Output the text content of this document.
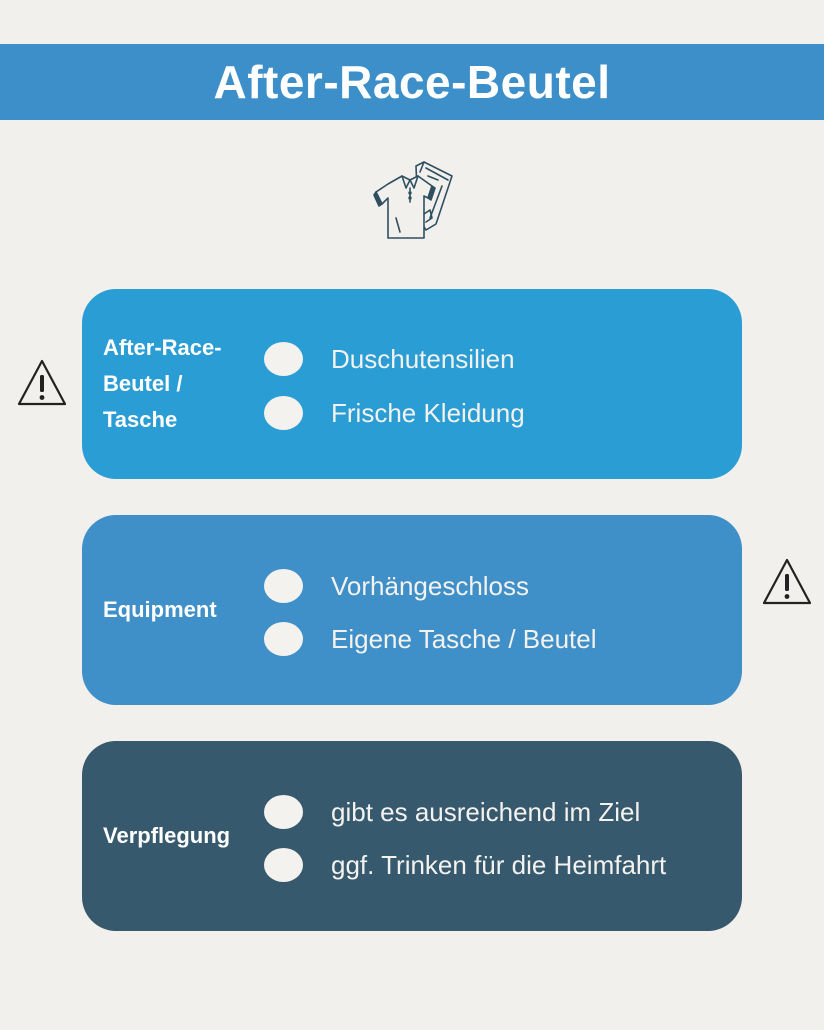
After-Race-Beutel
After-Race-
Beutel /
Tasche
Duschutensilien
Frische Kleidung
Equipment
Vorhängeschloss
Eigene Tasche / Beutel
Verpflegung
gibt es ausreichend im Ziel
ggf. Trinken für die Heimfahrt
